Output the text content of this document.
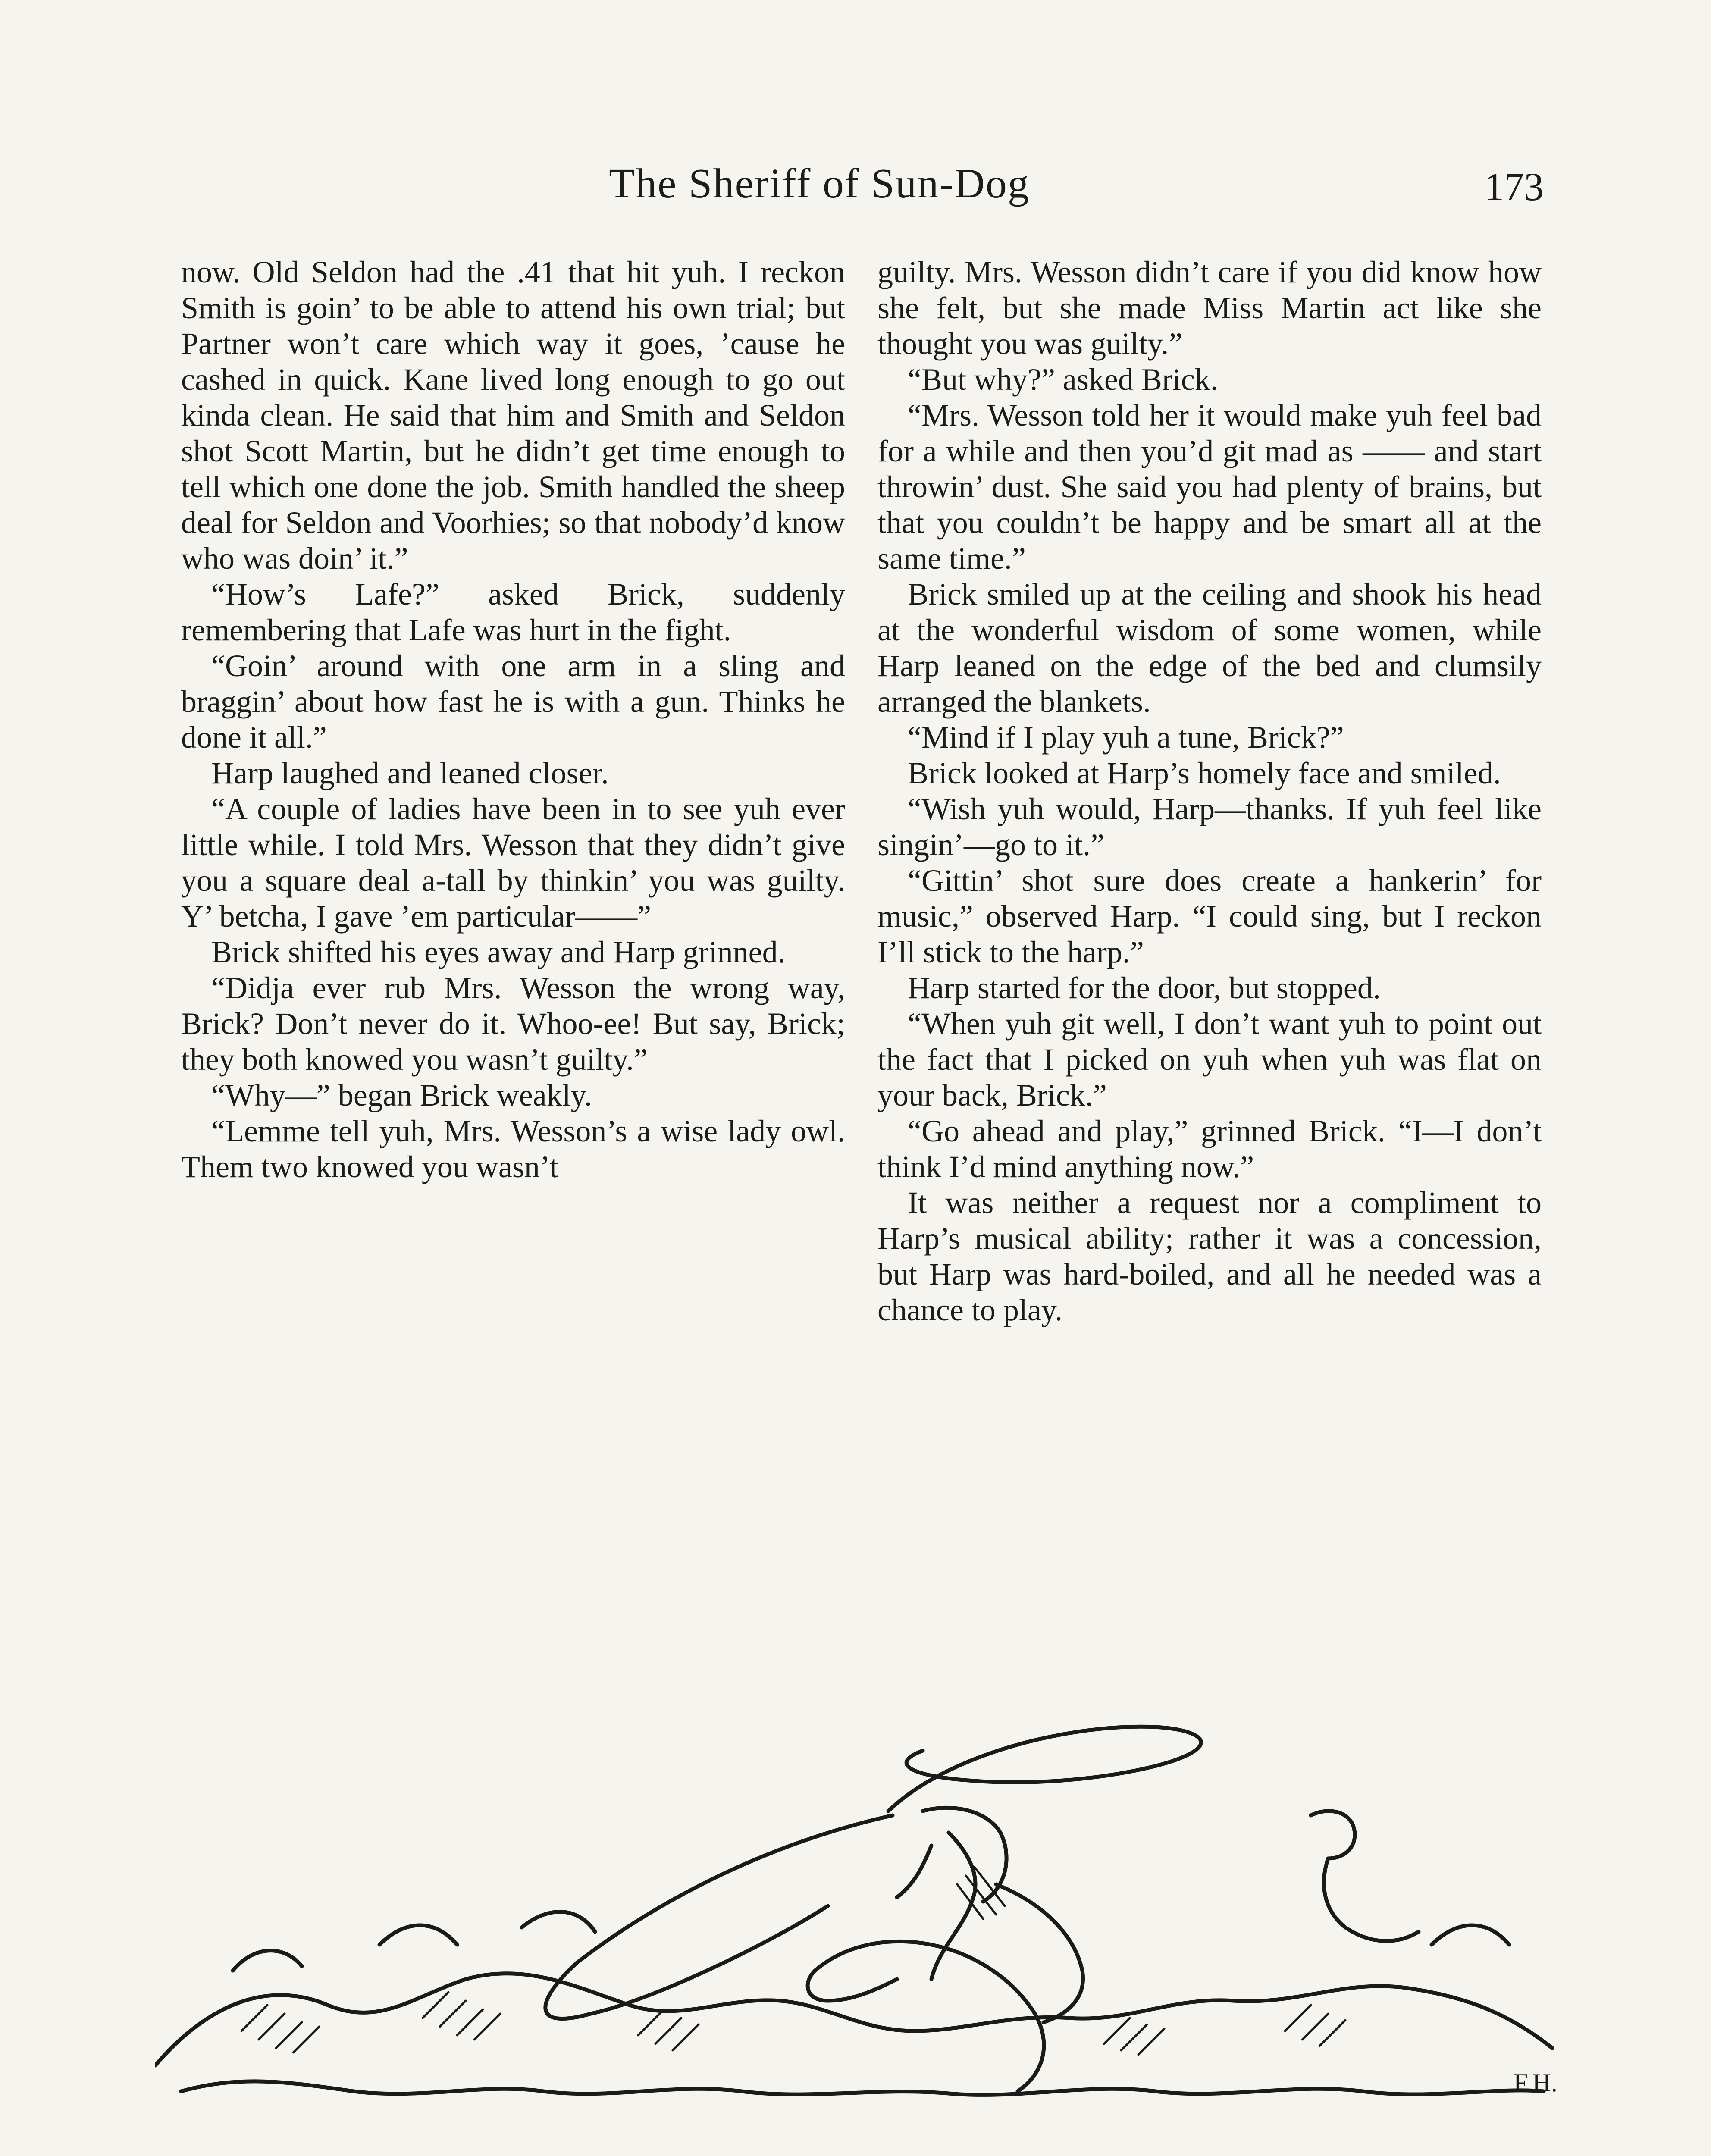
The Sheriff of Sun-Dog	173

now. Old Seldon had the .41 that hit yuh. I reckon Smith is goin’ to be able to attend his own trial; but Partner won’t care which way it goes, ’cause he cashed in quick. Kane lived long enough to go out kinda clean. He said that him and Smith and Seldon shot Scott Martin, but he didn’t get time enough to tell which one done the job. Smith handled the sheep deal for Seldon and Voorhies; so that nobody’d know who was doin’ it.”

“How’s Lafe?” asked Brick, suddenly remembering that Lafe was hurt in the fight.

“Goin’ around with one arm in a sling and braggin’ about how fast he is with a gun. Thinks he done it all.”

Harp laughed and leaned closer.

“A couple of ladies have been in to see yuh ever little while. I told Mrs. Wesson that they didn’t give you a square deal a-tall by thinkin’ you was guilty. Y’ betcha, I gave ’em particular——”

Brick shifted his eyes away and Harp grinned.

“Didja ever rub Mrs. Wesson the wrong way, Brick? Don’t never do it. Whoo-ee! But say, Brick; they both knowed you wasn’t guilty.”

“Why—” began Brick weakly.

“Lemme tell yuh, Mrs. Wesson’s a wise lady owl. Them two knowed you wasn’t

guilty. Mrs. Wesson didn’t care if you did know how she felt, but she made Miss Martin act like she thought you was guilty.”

“But why?” asked Brick.

“Mrs. Wesson told her it would make yuh feel bad for a while and then you’d git mad as —— and start throwin’ dust. She said you had plenty of brains, but that you couldn’t be happy and be smart all at the same time.”

Brick smiled up at the ceiling and shook his head at the wonderful wisdom of some women, while Harp leaned on the edge of the bed and clumsily arranged the blankets.

“Mind if I play yuh a tune, Brick?”

Brick looked at Harp’s homely face and smiled.

“Wish yuh would, Harp—thanks. If yuh feel like singin’—go to it.”

“Gittin’ shot sure does create a hankerin’ for music,” observed Harp. “I could sing, but I reckon I’ll stick to the harp.”

Harp started for the door, but stopped.

“When yuh git well, I don’t want yuh to point out the fact that I picked on yuh when yuh was flat on your back, Brick.”

“Go ahead and play,” grinned Brick. “I—I don’t think I’d mind anything now.”

It was neither a request nor a compliment to Harp’s musical ability; rather it was a concession, but Harp was hard-boiled, and all he needed was a chance to play.

F.H.
